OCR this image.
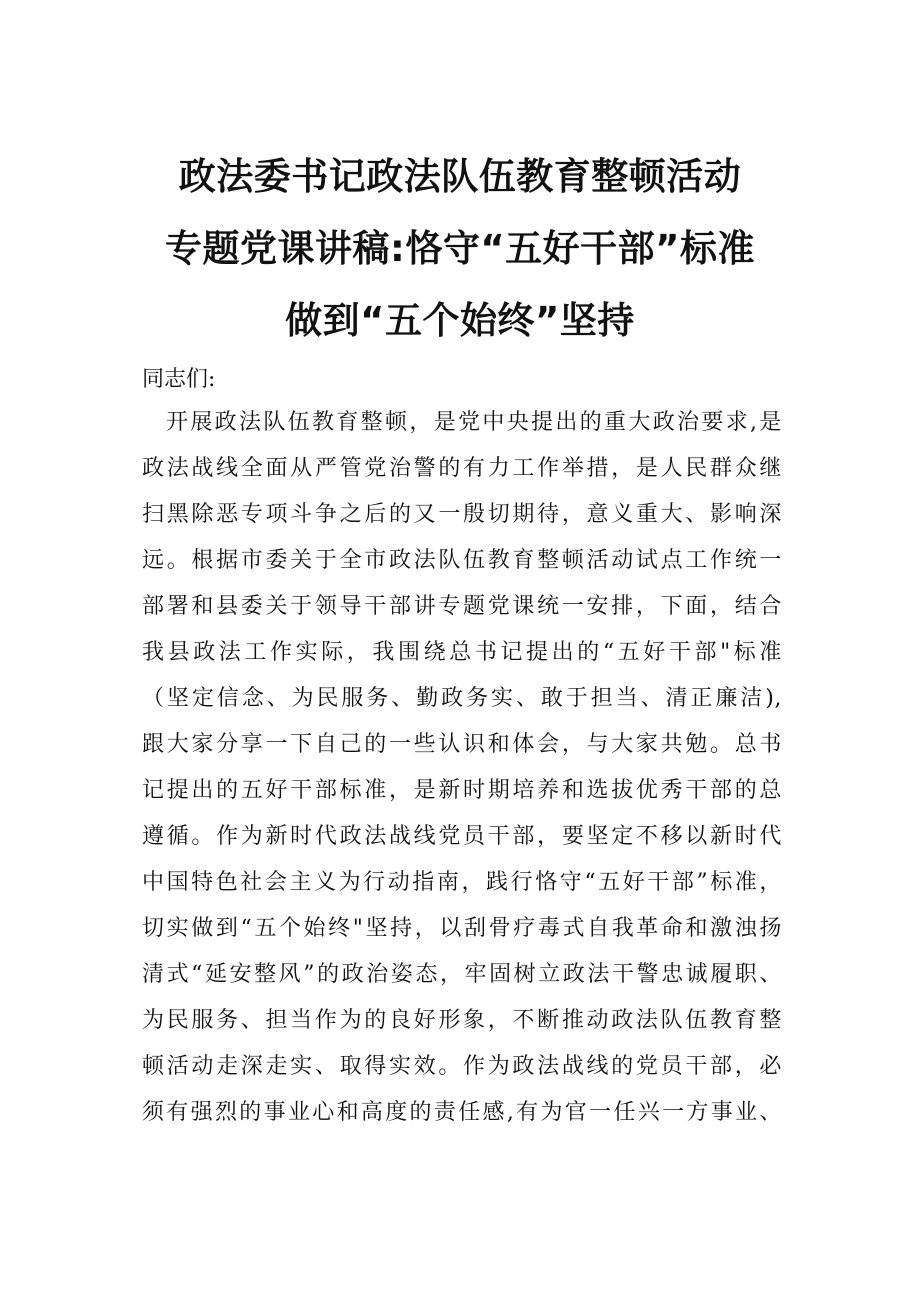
政法委书记政法队伍教育整顿活动
专题党课讲稿:恪守“五好干部”标准
做到“五个始终”坚持
同志们:
开展政法队伍教育整顿，是党中央提出的重大政治要求,是
政法战线全面从严管党治警的有力工作举措，是人民群众继
扫黑除恶专项斗争之后的又一殷切期待，意义重大、影响深
远。根据市委关于全市政法队伍教育整顿活动试点工作统一
部署和县委关于领导干部讲专题党课统一安排，下面，结合
我县政法工作实际，我围绕总书记提出的“五好干部"标准
（坚定信念、为民服务、勤政务实、敢于担当、清正廉洁),
跟大家分享一下自己的一些认识和体会，与大家共勉。总书
记提出的五好干部标准，是新时期培养和选拔优秀干部的总
遵循。作为新时代政法战线党员干部，要坚定不移以新时代
中国特色社会主义为行动指南，践行恪守“五好干部”标准，
切实做到“五个始终"坚持，以刮骨疗毒式自我革命和激浊扬
清式“延安整风”的政治姿态，牢固树立政法干警忠诚履职、
为民服务、担当作为的良好形象，不断推动政法队伍教育整
顿活动走深走实、取得实效。作为政法战线的党员干部，必
须有强烈的事业心和高度的责任感,有为官一任兴一方事业、
